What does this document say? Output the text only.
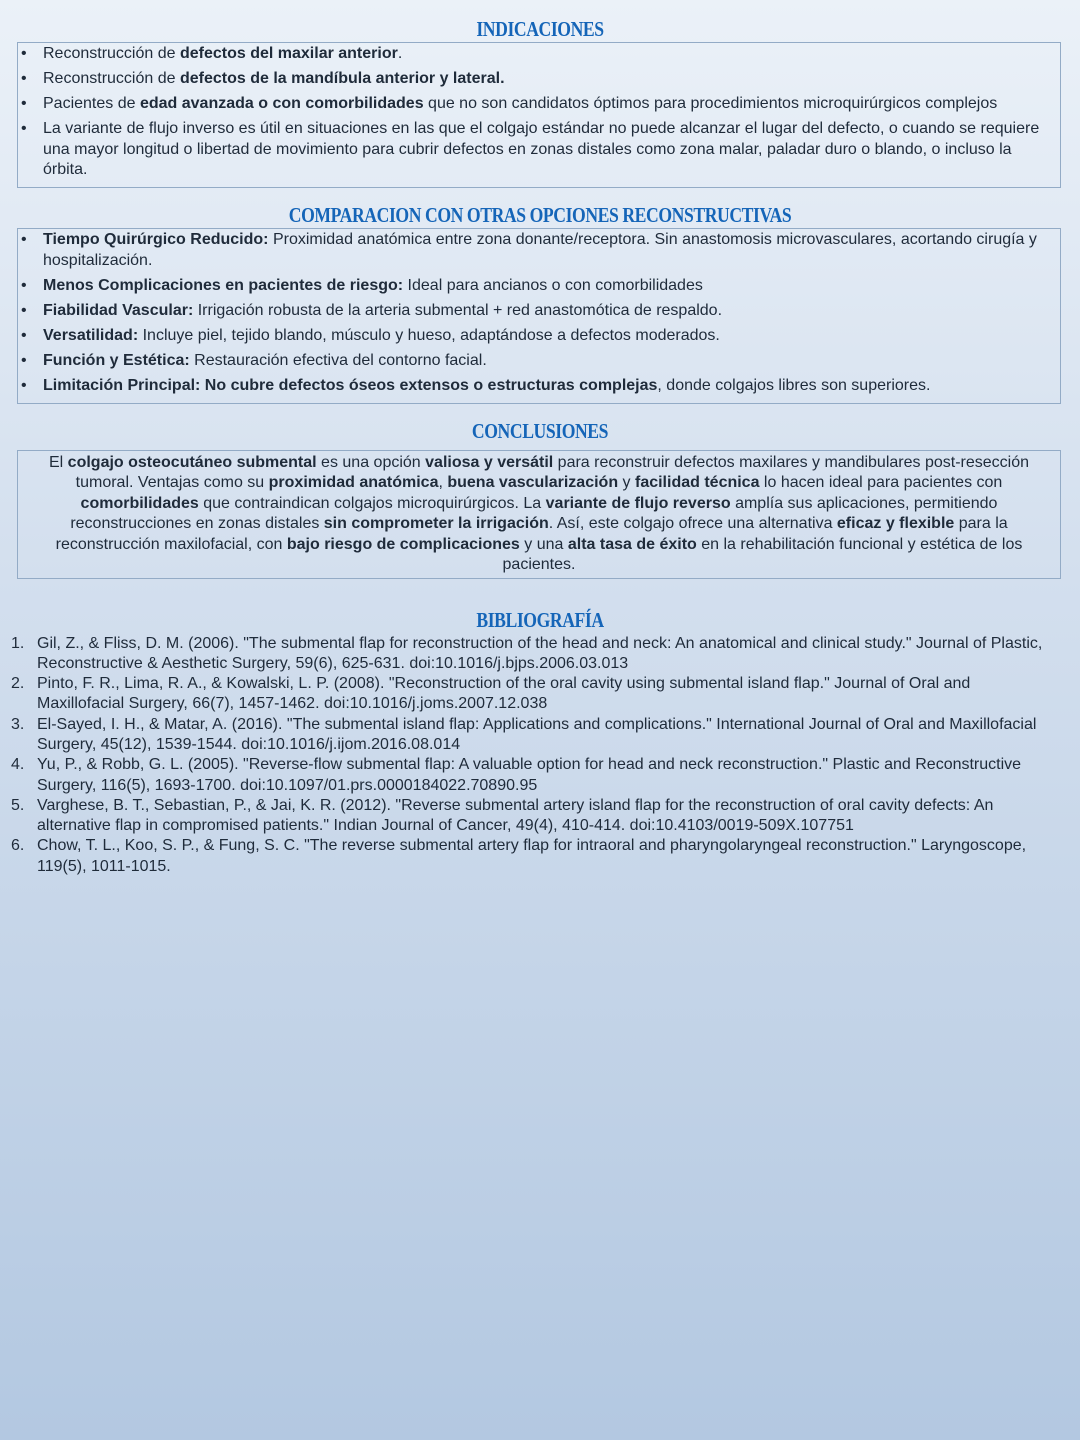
INDICACIONES
• Reconstrucción de defectos del maxilar anterior.
• Reconstrucción de defectos de la mandíbula anterior y lateral.
• Pacientes de edad avanzada o con comorbilidades que no son candidatos óptimos para procedimientos microquirúrgicos complejos
• La variante de flujo inverso es útil en situaciones en las que el colgajo estándar no puede alcanzar el lugar del defecto, o cuando se requiere una mayor longitud o libertad de movimiento para cubrir defectos en zonas distales como zona malar, paladar duro o blando, o incluso la órbita.
COMPARACION CON OTRAS OPCIONES RECONSTRUCTIVAS
• Tiempo Quirúrgico Reducido: Proximidad anatómica entre zona donante/receptora. Sin anastomosis microvasculares, acortando cirugía y hospitalización.
• Menos Complicaciones en pacientes de riesgo: Ideal para ancianos o con comorbilidades
• Fiabilidad Vascular: Irrigación robusta de la arteria submental + red anastomótica de respaldo.
• Versatilidad: Incluye piel, tejido blando, músculo y hueso, adaptándose a defectos moderados.
• Función y Estética: Restauración efectiva del contorno facial.
• Limitación Principal: No cubre defectos óseos extensos o estructuras complejas, donde colgajos libres son superiores.
CONCLUSIONES
El colgajo osteocutáneo submental es una opción valiosa y versátil para reconstruir defectos maxilares y mandibulares post-resección tumoral. Ventajas como su proximidad anatómica, buena vascularización y facilidad técnica lo hacen ideal para pacientes con comorbilidades que contraindican colgajos microquirúrgicos. La variante de flujo reverso amplía sus aplicaciones, permitiendo reconstrucciones en zonas distales sin comprometer la irrigación. Así, este colgajo ofrece una alternativa eficaz y flexible para la reconstrucción maxilofacial, con bajo riesgo de complicaciones y una alta tasa de éxito en la rehabilitación funcional y estética de los pacientes.
BIBLIOGRAFÍA
1. Gil, Z., & Fliss, D. M. (2006). "The submental flap for reconstruction of the head and neck: An anatomical and clinical study." Journal of Plastic, Reconstructive & Aesthetic Surgery, 59(6), 625-631. doi:10.1016/j.bjps.2006.03.013
2. Pinto, F. R., Lima, R. A., & Kowalski, L. P. (2008). "Reconstruction of the oral cavity using submental island flap." Journal of Oral and Maxillofacial Surgery, 66(7), 1457-1462. doi:10.1016/j.joms.2007.12.038
3. El-Sayed, I. H., & Matar, A. (2016). "The submental island flap: Applications and complications." International Journal of Oral and Maxillofacial Surgery, 45(12), 1539-1544. doi:10.1016/j.ijom.2016.08.014
4. Yu, P., & Robb, G. L. (2005). "Reverse-flow submental flap: A valuable option for head and neck reconstruction." Plastic and Reconstructive Surgery, 116(5), 1693-1700. doi:10.1097/01.prs.0000184022.70890.95
5. Varghese, B. T., Sebastian, P., & Jai, K. R. (2012). "Reverse submental artery island flap for the reconstruction of oral cavity defects: An alternative flap in compromised patients." Indian Journal of Cancer, 49(4), 410-414. doi:10.4103/0019-509X.107751
6. Chow, T. L., Koo, S. P., & Fung, S. C. "The reverse submental artery flap for intraoral and pharyngolaryngeal reconstruction." Laryngoscope, 119(5), 1011-1015.
